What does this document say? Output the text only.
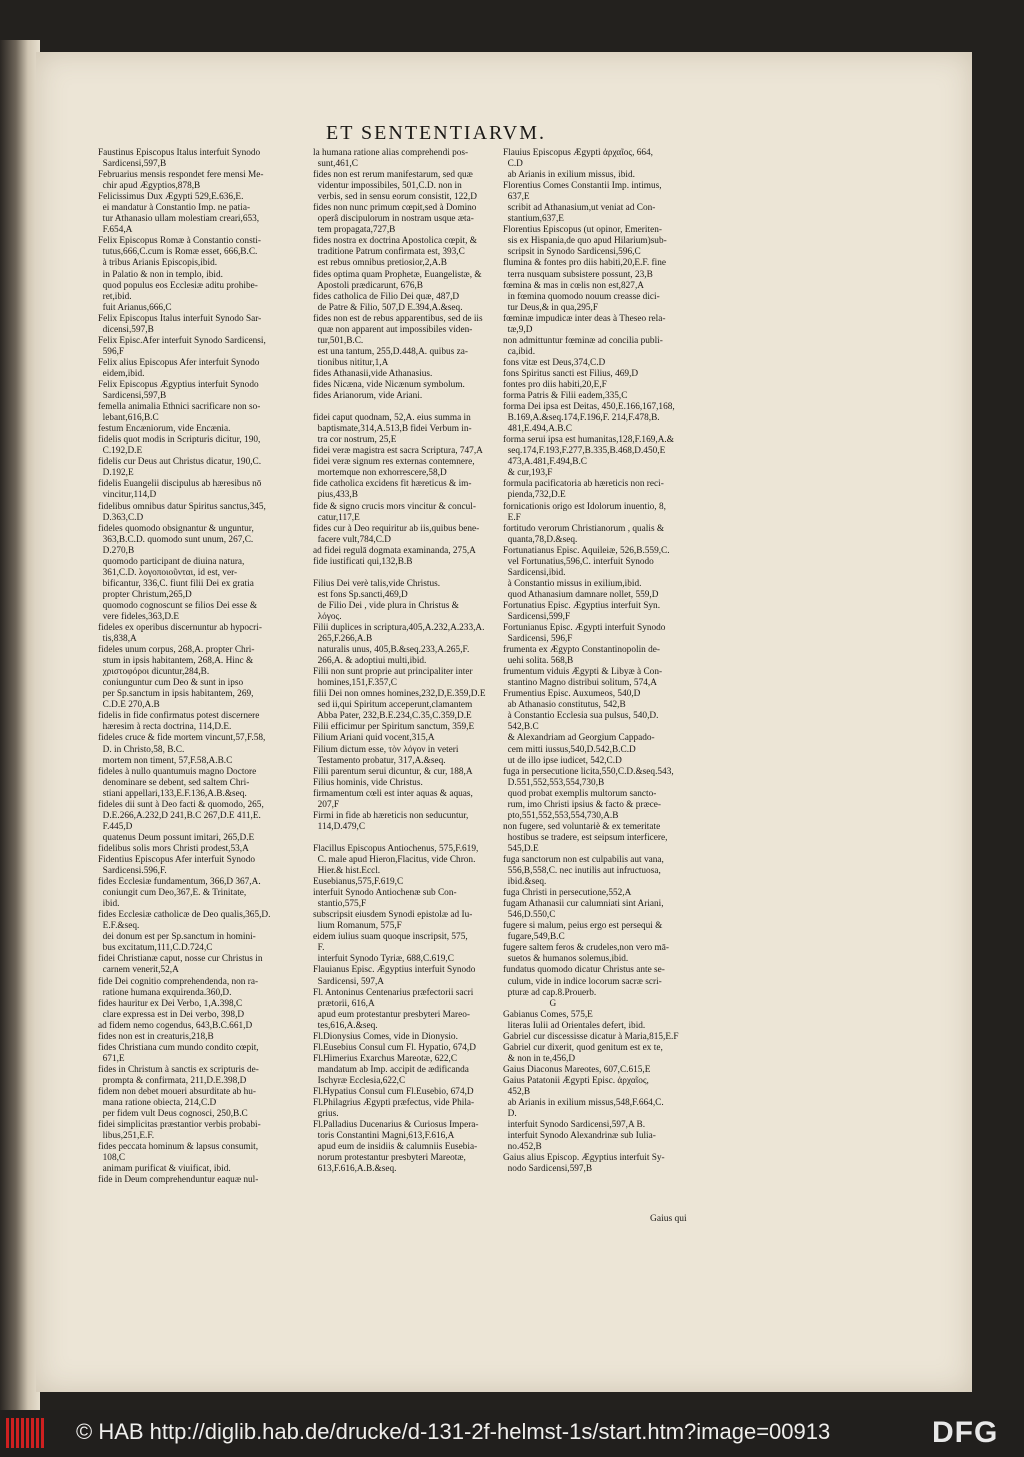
ET SENTENTIARVM.
Faustinus Episcopus Italus interfuit Synodo
Sardicensi,597,B
Februarius mensis respondet fere mensi Me-
chir apud Ægyptios,878,B
Felicissimus Dux Ægypti 529,E.636,E.
ei mandatur à Constantio Imp. ne patia-
tur Athanasio ullam molestiam creari,653,
F.654,A
Felix Episcopus Romæ à Constantio consti-
tutus,666,C.cum is Romæ esset, 666,B.C.
à tribus Arianis Episcopis,ibid.
in Palatio & non in templo, ibid.
quod populus eos Ecclesiæ aditu prohibe-
ret,ibid.
fuit Arianus,666,C
Felix Episcopus Italus interfuit Synodo Sar-
dicensi,597,B
Felix Episc.Afer interfuit Synodo Sardicensi,
596,F
Felix alius Episcopus Afer interfuit Synodo
eidem,ibid.
Felix Episcopus Ægyptius interfuit Synodo
Sardicensi,597,B
femella animalia Ethnici sacrificare non so-
lebant,616,B.C
festum Encæniorum, vide Encænia.
fidelis quot modis in Scripturis dicitur, 190,
C.192,D.E
fidelis cur Deus aut Christus dicatur, 190,C.
D.192,E
fidelis Euangelii discipulus ab hæresibus nō
vincitur,114,D
fidelibus omnibus datur Spiritus sanctus,345,
D.363,C.D
fideles quomodo obsignantur & unguntur,
363,B.C.D. quomodo sunt unum, 267,C.
D.270,B
quomodo participant de diuina natura,
361,C.D. λογοποιοῦνται, id est, ver-
bificantur, 336,C. fiunt filii Dei ex gratia
propter Christum,265,D
quomodo cognoscunt se filios Dei esse &
vere fideles,363,D.E
fideles ex operibus discernuntur ab hypocri-
tis,838,A
fideles unum corpus, 268,A. propter Chri-
stum in ipsis habitantem, 268,A. Hinc &
χριστοφόροι dicuntur,284,B.
coniunguntur cum Deo & sunt in ipso
per Sp.sanctum in ipsis habitantem, 269,
C.D.E 270,A.B
fidelis in fide confirmatus potest discernere
hæresim à recta doctrina, 114,D.E.
fideles cruce & fide mortem vincunt,57,F.58,
D. in Christo,58, B.C.
mortem non timent, 57,F.58,A.B.C
fideles à nullo quantumuis magno Doctore
denominare se debent, sed saltem Chri-
stiani appellari,133,E.F.136,A.B.&seq.
fideles dii sunt à Deo facti & quomodo, 265,
D.E.266,A.232,D 241,B.C 267,D.E 411,E.
F.445,D
quatenus Deum possunt imitari, 265,D.E
fidelibus solis mors Christi prodest,53,A
Fidentius Episcopus Afer interfuit Synodo
Sardicensi.596,F.
fides Ecclesiæ fundamentum, 366,D 367,A.
coniungit cum Deo,367,E. & Trinitate,
ibid.
fides Ecclesiæ catholicæ de Deo qualis,365,D.
E.F.&seq.
dei donum est per Sp.sanctum in homini-
bus excitatum,111,C.D.724,C
fidei Christianæ caput, nosse cur Christus in
carnem venerit,52,A
fide Dei cognitio comprehendenda, non ra-
ratione humana exquirenda.360,D.
fides hauritur ex Dei Verbo, 1,A.398,C
clare expressa est in Dei verbo, 398,D
ad fidem nemo cogendus, 643,B.C.661,D
fides non est in creaturis,218,B
fides Christiana cum mundo condito cœpit,
671,E
fides in Christum à sanctis ex scripturis de-
prompta & confirmata, 211,D.E.398,D
fidem non debet moueri absurditate ab hu-
mana ratione obiecta, 214,C.D
per fidem vult Deus cognosci, 250,B.C
fidei simplicitas præstantior verbis probabi-
libus,251,E.F.
fides peccata hominum & lapsus consumit,
108,C
animam purificat & viuificat, ibid.
fide in Deum comprehenduntur eaquæ nul-
la humana ratione alias comprehendi pos-
sunt,461,C
fides non est rerum manifestarum, sed quæ
videntur impossibiles, 501,C.D. non in
verbis, sed in sensu eorum consistit, 122,D
fides non nunc primum cœpit,sed à Domino
operâ discipulorum in nostram usque æta-
tem propagata,727,B
fides nostra ex doctrina Apostolica cœpit, &
traditione Patrum confirmata est, 393,C
est rebus omnibus pretiosior,2,A.B
fides optima quam Prophetæ, Euangelistæ, &
Apostoli prædicarunt, 676,B
fides catholica de Filio Dei quæ, 487,D
de Patre & Filio, 507,D E.394,A.&seq.
fides non est de rebus apparentibus, sed de iis
quæ non apparent aut impossibiles viden-
tur,501,B.C.
est una tantum, 255,D.448,A. quibus za-
tionibus nititur,1,A
fides Athanasii,vide Athanasius.
fides Nicæna, vide Nicænum symbolum.
fides Arianorum, vide Ariani.

fidei caput quodnam, 52,A. eius summa in
baptismate,314,A.513,B fidei Verbum in-
tra cor nostrum, 25,E
fidei veræ magistra est sacra Scriptura, 747,A
fidei veræ signum res externas contemnere,
mortemque non exhorrescere,58,D
fide catholica excidens fit hæreticus & im-
pius,433,B
fide & signo crucis mors vincitur & concul-
catur,117,E
fides cur à Deo requiritur ab iis,quibus bene-
facere vult,784,C.D
ad fidei regulā dogmata examinanda, 275,A
fide iustificati qui,132,B.B

Filius Dei verè talis,vide Christus.
est fons Sp.sancti,469,D
de Filio Dei , vide plura in Christus &
λόγος.
Filii duplices in scriptura,405,A.232,A.233,A.
265,F.266,A.B
naturalis unus, 405,B.&seq.233,A.265,F.
266,A. & adoptiui multi,ibid.
Filii non sunt proprie aut principaliter inter
homines,151,F.357,C
filii Dei non omnes homines,232,D,E.359,D.E
sed ii,qui Spiritum acceperunt,clamantem
Abba Pater, 232,B.E.234,C.35,C.359,D.E
Filii efficimur per Spiritum sanctum, 359,E
Filium Ariani quid vocent,315,A
Filium dictum esse, τὸν λόγον in veteri
Testamento probatur, 317,A.&seq.
Filii parentum serui dicuntur, & cur, 188,A
Filius hominis, vide Christus.
firmamentum cœli est inter aquas & aquas,
207,F
Firmi in fide ab hæreticis non seducuntur,
114,D.479,C

Flacillus Episcopus Antiochenus, 575,F.619,
C. male apud Hieron,Flacitus, vide Chron.
Hier.& hist.Eccl.
Eusebianus,575,F.619,C
interfuit Synodo Antiochenæ sub Con-
stantio,575,F
subscripsit eiusdem Synodi epistolæ ad Iu-
lium Romanum, 575,F
eidem iulius suam quoque inscripsit, 575,
F.
interfuit Synodo Tyriæ, 688,C.619,C
Flauianus Episc. Ægyptius interfuit Synodo
Sardicensi, 597,A
Fl. Antoninus Centenarius præfectorii sacri
prætorii, 616,A
apud eum protestantur presbyteri Mareo-
tes,616,A.&seq.
Fl.Dionysius Comes, vide in Dionysio.
Fl.Eusebius Consul cum Fl. Hypatio, 674,D
Fl.Himerius Exarchus Mareotæ, 622,C
mandatum ab Imp. accipit de ædificanda
Ischyræ Ecclesia,622,C
Fl.Hypatius Consul cum Fl.Eusebio, 674,D
Fl.Philagrius Ægypti præfectus, vide Phila-
grius.
Fl.Palladius Ducenarius & Curiosus Impera-
toris Constantini Magni,613,F.616,A
apud eum de insidiis & calumniis Eusebia-
norum protestantur presbyteri Mareotæ,
613,F.616,A.B.&seq.
Flauius Episcopus Ægypti ἀρχαῖος, 664,
C.D
ab Arianis in exilium missus, ibid.
Florentius Comes Constantii Imp. intimus,
637,E
scribit ad Athanasium,ut veniat ad Con-
stantium,637,E
Florentius Episcopus (ut opinor, Emeriten-
sis ex Hispania,de quo apud Hilarium)sub-
scripsit in Synodo Sardicensi,596,C
flumina & fontes pro diis habiti,20,E.F. fine
terra nusquam subsistere possunt, 23,B
fœmina & mas in cœlis non est,827,A
in fœmina quomodo nouum creasse dici-
tur Deus,& in qua,295,F
fœminæ impudicæ inter deas à Theseo rela-
tæ,9,D
non admittuntur fœminæ ad concilia publi-
ca,ibid.
fons vitæ est Deus,374,C.D
fons Spiritus sancti est Filius, 469,D
fontes pro diis habiti,20,E,F
forma Patris & Filii eadem,335,C
forma Dei ipsa est Deitas, 450,E.166,167,168,
B.169,A.&seq.174,F.196,F. 214,F.478,B.
481,E.494,A.B.C
forma serui ipsa est humanitas,128,F.169,A.&
seq.174,F.193,F.277,B.335,B.468,D.450,E
473,A.481,F.494,B.C
& cur,193,F
formula pacificatoria ab hæreticis non reci-
pienda,732,D.E
fornicationis origo est Idolorum inuentio, 8,
E.F
fortitudo verorum Christianorum , qualis &
quanta,78,D.&seq.
Fortunatianus Episc. Aquileiæ, 526,B.559,C.
vel Fortunatius,596,C. interfuit Synodo
Sardicensi,ibid.
à Constantio missus in exilium,ibid.
quod Athanasium damnare nollet, 559,D
Fortunatius Episc. Ægyptius interfuit Syn.
Sardicensi,599,F
Fortunianus Episc. Ægypti interfuit Synodo
Sardicensi, 596,F
frumenta ex Ægypto Constantinopolin de-
uehi solita. 568,B
frumentum viduis Ægypti & Libyæ à Con-
stantino Magno distribui solitum, 574,A
Frumentius Episc. Auxumeos, 540,D
ab Athanasio constitutus, 542,B
à Constantio Ecclesia sua pulsus, 540,D.
542,B.C
& Alexandriam ad Georgium Cappado-
cem mitti iussus,540,D.542,B.C.D
ut de illo ipse iudicet, 542,C.D
fuga in persecutione licita,550,C.D.&seq.543,
D.551,552,553,554,730,B
quod probat exemplis multorum sancto-
rum, imo Christi ipsius & facto & præce-
pto,551,552,553,554,730,A.B
non fugere, sed voluntariè & ex temeritate
hostibus se tradere, est seipsum interficere,
545,D.E
fuga sanctorum non est culpabilis aut vana,
556,B,558,C. nec inutilis aut infructuosa,
ibid.&seq.
fuga Christi in persecutione,552,A
fugam Athanasii cur calumniati sint Ariani,
546,D.550,C
fugere si malum, peius ergo est persequi &
fugare,549,B.C
fugere saltem feros & crudeles,non vero mā-
suetos & humanos solemus,ibid.
fundatus quomodo dicatur Christus ante se-
culum, vide in indice locorum sacræ scri-
pturæ ad cap.8.Prouerb.
G
Gabianus Comes, 575,E
literas Iulii ad Orientales defert, ibid.
Gabriel cur discessisse dicatur à Maria,815,E.F
Gabriel cur dixerit, quod genitum est ex te,
& non in te,456,D
Gaius Diaconus Mareotes, 607,C.615,E
Gaius Patatonii Ægypti Episc. ἀρχαῖος,
452,B
ab Arianis in exilium missus,548,F.664,C.
D.
interfuit Synodo Sardicensi,597,A B.
interfuit Synodo Alexandrinæ sub Iulia-
no.452,B
Gaius alius Episcop. Ægyptius interfuit Sy-
nodo Sardicensi,597,B
Gaius qui
© HAB http://diglib.hab.de/drucke/d-131-2f-helmst-1s/start.htm?image=00913	DFG
